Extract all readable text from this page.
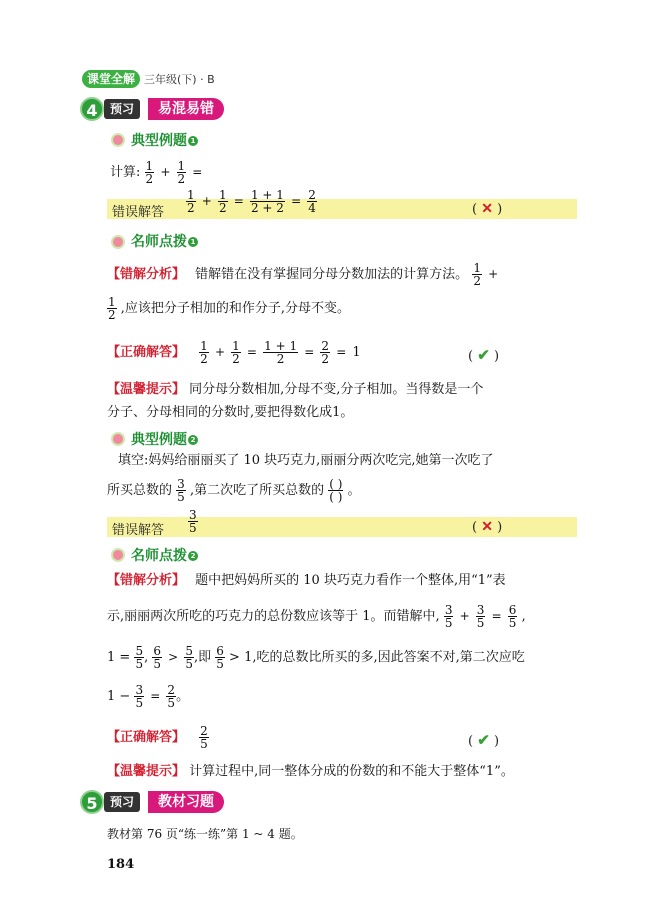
课堂全解 三年级(下) · B
4	预习	易混易错
典型例题 1
计算: $\frac{1}{2} + \frac{1}{2}$ =
错误解答 $\frac{1}{2} + \frac{1}{2} = \frac{1 + 1}{2 + 2} = \frac{2}{4}$	( ✕ )
名师点拨 1
【错解分析】 错解错在没有掌握同分母分数加法的计算方法。 $\frac{1}{2}$ +
$\frac{1}{2}$ ,应该把分子相加的和作分子,分母不变。
【正确解答】 $\frac{1}{2} + \frac{1}{2} = \frac{1 + 1}{2} = \frac{2}{2} = 1$	( ✔ )
【温馨提示】 同分母分数相加,分母不变,分子相加。当得数是一个
分子、分母相同的分数时,要把得数化成1。
典型例题 2
填空:妈妈给丽丽买了 10 块巧克力,丽丽分两次吃完,她第一次吃了
所买总数的 $\frac{3}{5}$ ,第二次吃了所买总数的 $\frac{( )}{( )}$ 。
错误解答 $\frac{3}{5}$	( ✕ )
名师点拨 2
【错解分析】 题中把妈妈所买的 10 块巧克力看作一个整体,用“1”表
示,丽丽两次所吃的巧克力的总份数应该等于 1。而错解中, $\frac{3}{5} + \frac{3}{5} = \frac{6}{5}$ ,
$1 = \frac{5}{5}$ , $\frac{6}{5} > \frac{5}{5}$ ,即 $\frac{6}{5} > 1$,吃的总数比所买的多,因此答案不对,第二次应吃
$1 - \frac{3}{5} = \frac{2}{5}$ 。
【正确解答】 $\frac{2}{5}$	( ✔ )
【温馨提示】 计算过程中,同一整体分成的份数的和不能大于整体“1”。
5	预习	教材习题
教材第 76 页“练一练”第 1 ~ 4 题。
184
